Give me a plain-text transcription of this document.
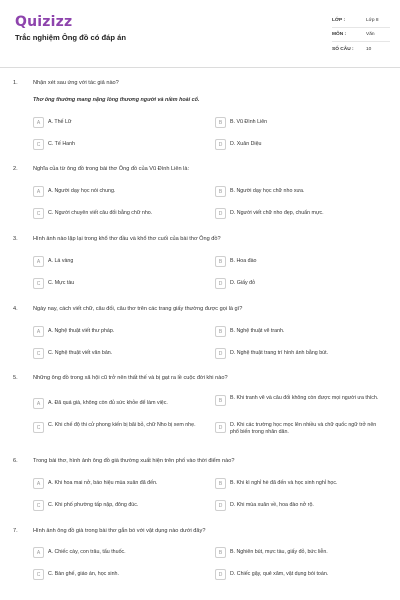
Quizizz
Trắc nghiệm Ông đồ có đáp án
LỚP :	Lớp 8
MÔN :	Văn
SỐ CÂU :	10
1.	Nhận xét sau ứng với tác giả nào?
Thơ ông thường mang nặng lòng thương người và niềm hoài cổ.
A	A. Thế Lữ	B	B. Vũ Đình Liên
C	C. Tế Hanh	D	D. Xuân Diệu
2.	Nghĩa của từ ông đồ trong bài thơ Ông đồ của Vũ Đình Liên là:
A	A. Người dạy học nói chung.	B	B. Người dạy học chữ nho xưa.
C	C. Người chuyên viết câu đối bằng chữ nho.	D	D. Người viết chữ nho đẹp, chuẩn mực.
3.	Hình ảnh nào lặp lại trong khổ thơ đầu và khổ thơ cuối của bài thơ Ông đồ?
A	A. Lá vàng	B	B. Hoa đào
C	C. Mực tàu	D	D. Giấy đỏ
4.	Ngày nay, cách viết chữ, câu đối, câu thơ trên các trang giấy thường được gọi là gì?
A	A. Nghệ thuật viết thư pháp.	B	B. Nghệ thuật vẽ tranh.
C	C. Nghệ thuật viết văn bản.	D	D. Nghệ thuật trang trí hình ảnh bằng bút.
5.	Những ông đồ trong xã hội cũ trở nên thất thế và bị gạt ra lề cuộc đời khi nào?
A	A. Đã quá già, không còn đủ sức khỏe để làm việc.	B	B. Khi tranh vẽ và câu đối không còn được mọi người ưa thích.
C	C. Khi chế độ thi cử phong kiến bị bãi bỏ, chữ Nho bị xem nhẹ.	D	D. Khi các trường học mọc lên nhiều và chữ quốc ngữ trở nên phổ biến trong nhân dân.
6.	Trong bài thơ, hình ảnh ông đồ già thường xuất hiện trên phố vào thời điểm nào?
A	A. Khi hoa mai nở, báo hiệu mùa xuân đã đến.	B	B. Khi kì nghỉ hè đã đến và học sinh nghỉ học.
C	C. Khi phố phường tấp nập, đông đúc.	D	D. Khi mùa xuân về, hoa đào nở rộ.
7.	Hình ảnh ông đồ già trong bài thơ gắn bó với vật dụng nào dưới đây?
A	A. Chiếc cày, con trâu, tẩu thuốc.	B	B. Nghiên bút, mực tàu, giấy đỏ, bức liễn.
C	C. Bàn ghế, giáo án, học sinh.	D	D. Chiếc gậy, quẻ xăm, vật dụng bói toán.
